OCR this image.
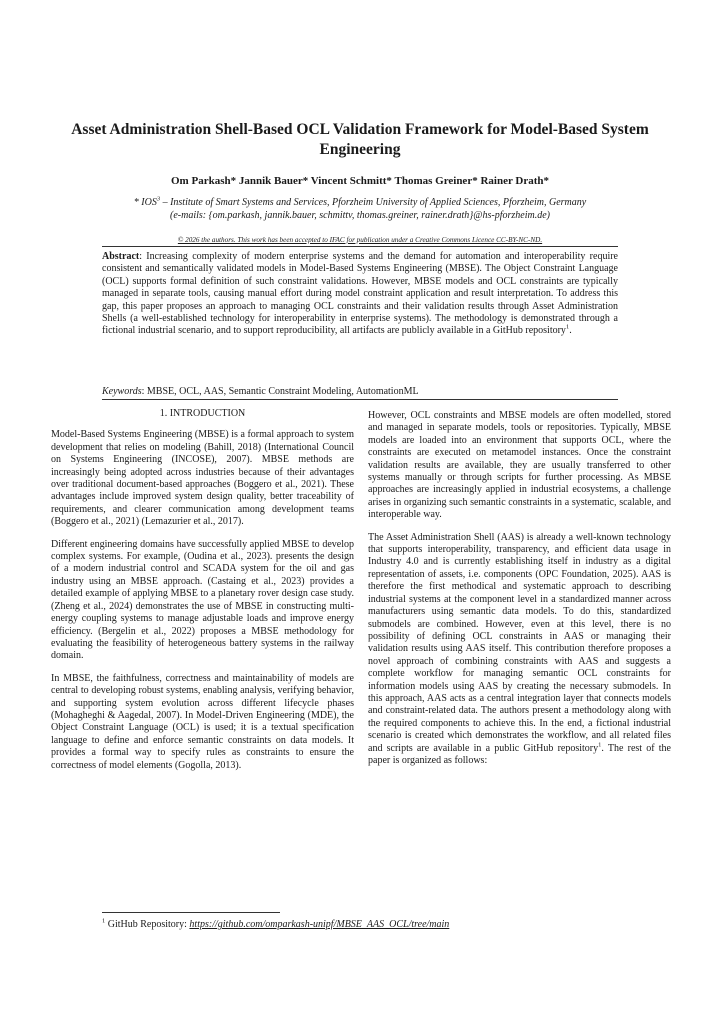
Asset Administration Shell-Based OCL Validation Framework for Model-Based System Engineering
Om Parkash* Jannik Bauer* Vincent Schmitt* Thomas Greiner* Rainer Drath*
* IOS$^3$ – Institute of Smart Systems and Services, Pforzheim University of Applied Sciences, Pforzheim, Germany
(e-mails: {om.parkash, jannik.bauer, schmittv, thomas.greiner, rainer.drath}@hs-pforzheim.de)
© 2026 the authors. This work has been accepted to IFAC for publication under a Creative Commons Licence CC-BY-NC-ND.
Abstract: Increasing complexity of modern enterprise systems and the demand for automation and interoperability require consistent and semantically validated models in Model-Based Systems Engineering (MBSE). The Object Constraint Language (OCL) supports formal definition of such constraint validations. However, MBSE models and OCL constraints are typically managed in separate tools, causing manual effort during model constraint application and result interpretation. To address this gap, this paper proposes an approach to managing OCL constraints and their validation results through Asset Administration Shells (a well-established technology for interoperability in enterprise systems). The methodology is demonstrated through a fictional industrial scenario, and to support reproducibility, all artifacts are publicly available in a GitHub repository$^1$.
Keywords: MBSE, OCL, AAS, Semantic Constraint Modeling, AutomationML
1. INTRODUCTION

Model-Based Systems Engineering (MBSE) is a formal approach to system development that relies on modeling (Bahill, 2018) (International Council on Systems Engineering (INCOSE), 2007). MBSE methods are increasingly being adopted across industries because of their advantages over traditional document-based approaches (Boggero et al., 2021). These advantages include improved system design quality, better traceability of requirements, and clearer communication among development teams (Boggero et al., 2021) (Lemazurier et al., 2017).

Different engineering domains have successfully applied MBSE to develop complex systems. For example, (Oudina et al., 2023). presents the design of a modern industrial control and SCADA system for the oil and gas industry using an MBSE approach. (Castaing et al., 2023) provides a detailed example of applying MBSE to a planetary rover design case study. (Zheng et al., 2024) demonstrates the use of MBSE in constructing multi-energy coupling systems to manage adjustable loads and improve energy efficiency. (Bergelin et al., 2022) proposes a MBSE methodology for evaluating the feasibility of heterogeneous battery systems in the railway domain.

In MBSE, the faithfulness, correctness and maintainability of models are central to developing robust systems, enabling analysis, verifying behavior, and supporting system evolution across different lifecycle phases (Mohagheghi & Aagedal, 2007). In Model-Driven Engineering (MDE), the Object Constraint Language (OCL) is used; it is a textual specification language to define and enforce semantic constraints on data models. It provides a formal way to specify rules as constraints to ensure the correctness of model elements (Gogolla, 2013).

However, OCL constraints and MBSE models are often modelled, stored and managed in separate models, tools or repositories. Typically, MBSE models are loaded into an environment that supports OCL, where the constraints are executed on metamodel instances. Once the constraint validation results are available, they are usually transferred to other systems manually or through scripts for further processing. As MBSE approaches are increasingly applied in industrial ecosystems, a challenge arises in organizing such semantic constraints in a systematic, scalable, and interoperable way.

The Asset Administration Shell (AAS) is already a well-known technology that supports interoperability, transparency, and efficient data usage in Industry 4.0 and is currently establishing itself in industry as a digital representation of assets, i.e. components (OPC Foundation, 2025). AAS is therefore the first methodical and systematic approach to describing industrial systems at the component level in a standardized manner across manufacturers using semantic data models. To do this, standardized submodels are combined. However, even at this level, there is no possibility of defining OCL constraints in AAS or managing their validation results using AAS itself. This contribution therefore proposes a novel approach of combining constraints with AAS and suggests a complete workflow for managing semantic OCL constraints for information models using AAS by creating the necessary submodels. In this approach, AAS acts as a central integration layer that connects models and constraint-related data. The authors present a methodology along with the required components to achieve this. In the end, a fictional industrial scenario is created which demonstrates the workflow, and all related files and scripts are available in a public GitHub repository$^1$. The rest of the paper is organized as follows:

$^1$ GitHub Repository: https://github.com/omparkash-unipf/MBSE_AAS_OCL/tree/main
